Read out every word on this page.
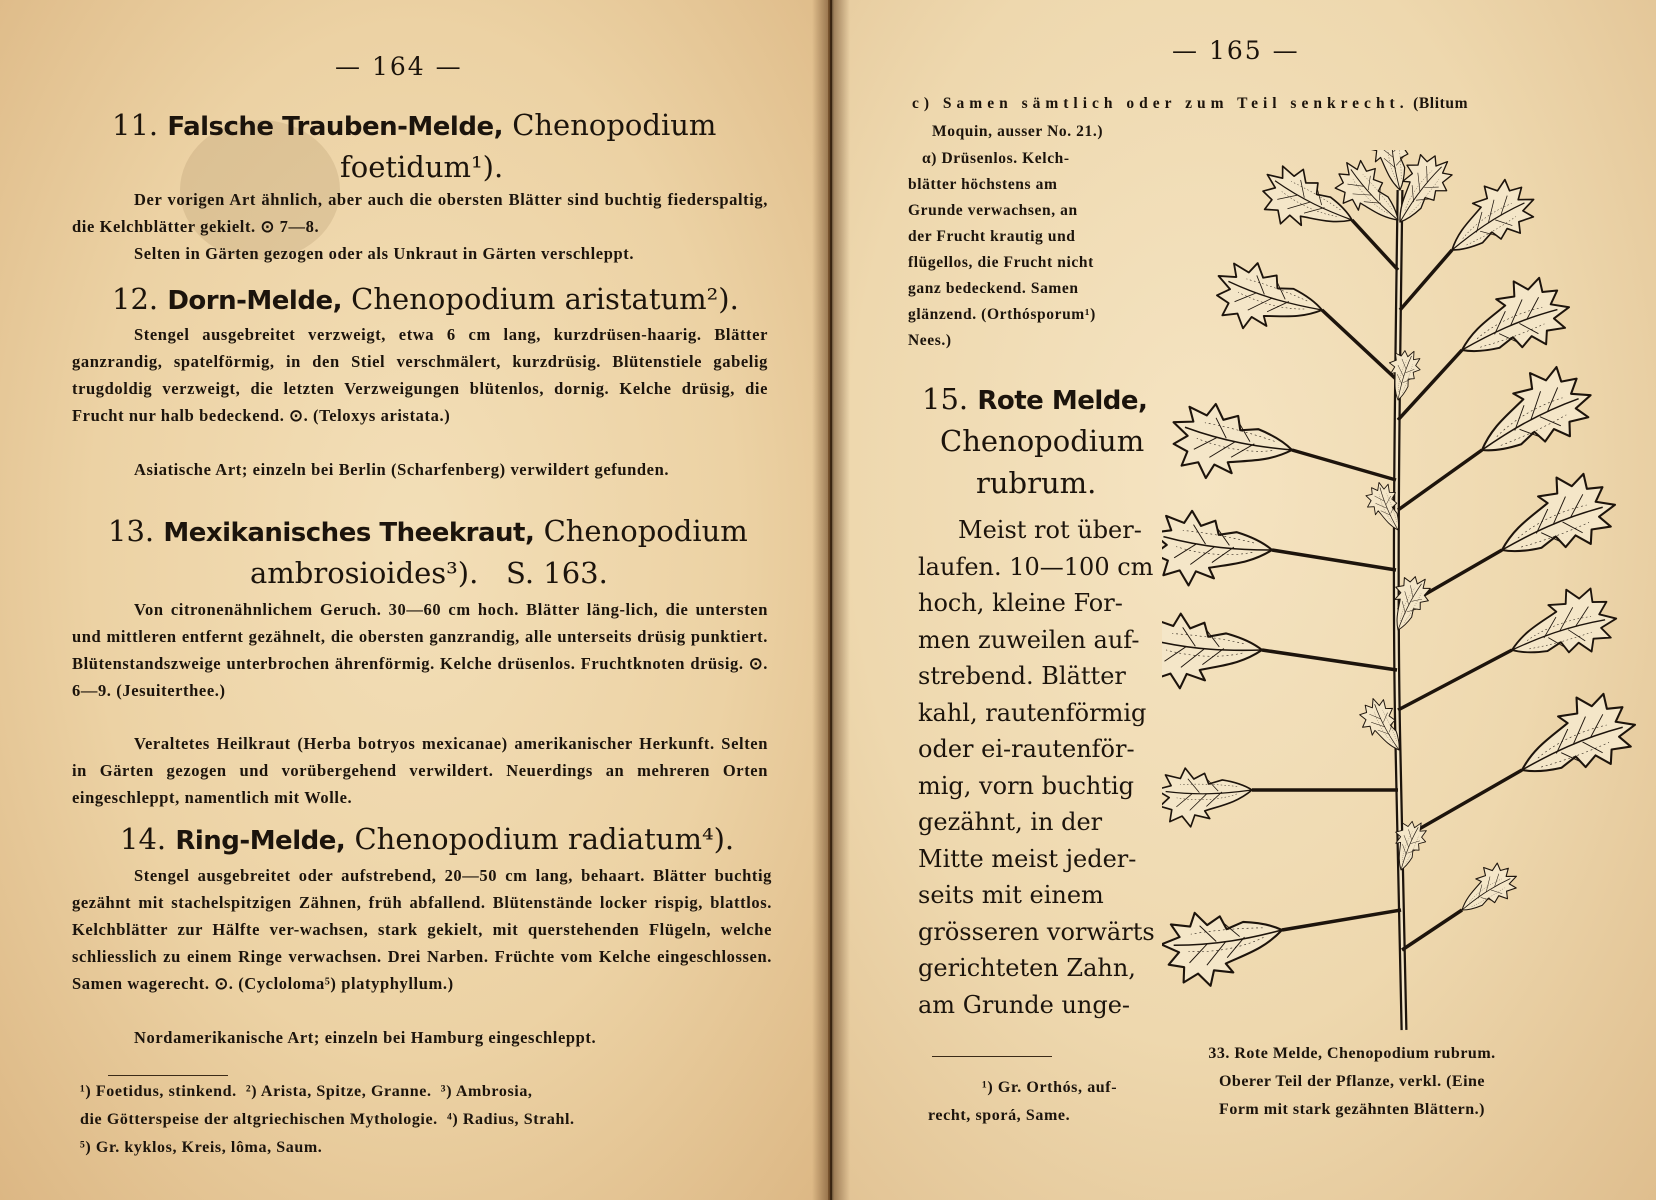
— 164 —
11. Falsche Trauben-Melde, Chenopodium
foetidum¹).
Der vorigen Art ähnlich, aber auch die obersten Blätter sind buchtig fiederspaltig, die Kelchblätter gekielt. ⊙ 7—8.
Selten in Gärten gezogen oder als Unkraut in Gärten verschleppt.
12. Dorn-Melde, Chenopodium aristatum²).
Stengel ausgebreitet verzweigt, etwa 6 cm lang, kurzdrüsen-haarig. Blätter ganzrandig, spatelförmig, in den Stiel verschmälert, kurzdrüsig. Blütenstiele gabelig trugdoldig verzweigt, die letzten Verzweigungen blütenlos, dornig. Kelche drüsig, die Frucht nur halb bedeckend. ⊙. (Teloxys aristata.)
Asiatische Art; einzeln bei Berlin (Scharfenberg) verwildert gefunden.
13. Mexikanisches Theekraut, Chenopodium
ambrosioides³).   S. 163.
Von citronenähnlichem Geruch. 30—60 cm hoch. Blätter läng-lich, die untersten und mittleren entfernt gezähnelt, die obersten ganzrandig, alle unterseits drüsig punktiert. Blütenstandszweige unterbrochen ährenförmig. Kelche drüsenlos. Fruchtknoten drüsig. ⊙. 6—9. (Jesuiterthee.)
Veraltetes Heilkraut (Herba botryos mexicanae) amerikanischer Herkunft. Selten in Gärten gezogen und vorübergehend verwildert. Neuerdings an mehreren Orten eingeschleppt, namentlich mit Wolle.
14. Ring-Melde, Chenopodium radiatum⁴).
Stengel ausgebreitet oder aufstrebend, 20—50 cm lang, behaart. Blätter buchtig gezähnt mit stachelspitzigen Zähnen, früh abfallend. Blütenstände locker rispig, blattlos. Kelchblätter zur Hälfte ver-wachsen, stark gekielt, mit querstehenden Flügeln, welche schliesslich zu einem Ringe verwachsen. Drei Narben. Früchte vom Kelche eingeschlossen. Samen wagerecht. ⊙. (Cycloloma⁵) platyphyllum.)
Nordamerikanische Art; einzeln bei Hamburg eingeschleppt.
¹) Foetidus, stinkend.  ²) Arista, Spitze, Granne.  ³) Ambrosia,
die Götterspeise der altgriechischen Mythologie.  ⁴) Radius, Strahl.
⁵) Gr. kyklos, Kreis, lôma, Saum.
— 165 —
c) Samen sämtlich oder zum Teil senkrecht. (Blitum
Moquin, ausser No. 21.)
α) Drüsenlos. Kelch-
blätter höchstens am
Grunde verwachsen, an
der Frucht krautig und
flügellos, die Frucht nicht
ganz bedeckend. Samen
glänzend. (Orthósporum¹)
Nees.)
15. Rote Melde,
Chenopodium
rubrum.
Meist rot über-
laufen. 10—100 cm
hoch, kleine For-
men zuweilen auf-
strebend. Blätter
kahl, rautenförmig
oder ei-rautenför-
mig, vorn buchtig
gezähnt, in der
Mitte meist jeder-
seits mit einem
grösseren vorwärts
gerichteten Zahn,
am Grunde unge-
¹) Gr. Orthós, auf-
recht, sporá, Same.
33. Rote Melde, Chenopodium rubrum.
Oberer Teil der Pflanze, verkl. (Eine
Form mit stark gezähnten Blättern.)
